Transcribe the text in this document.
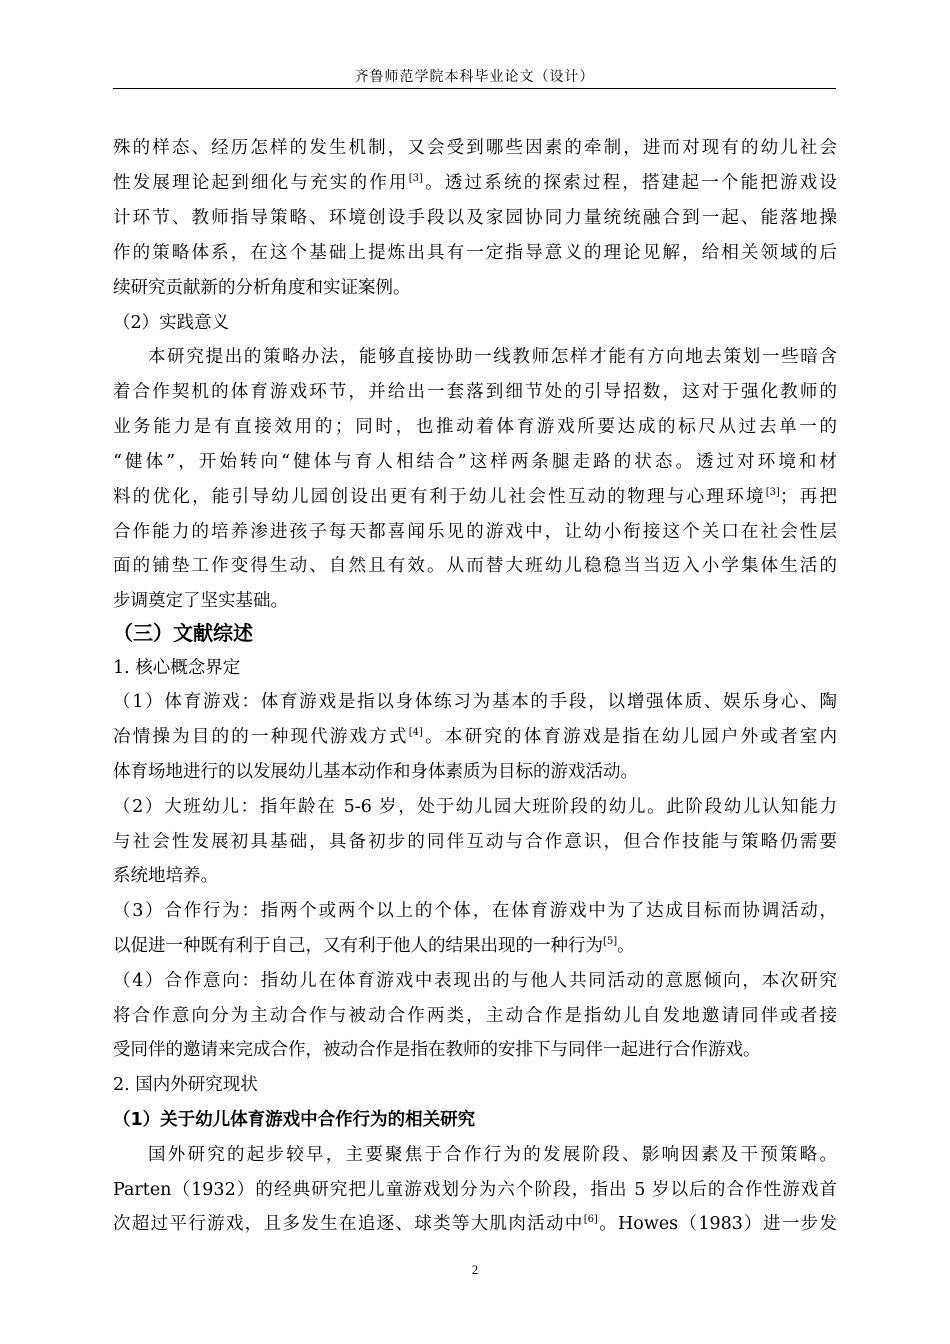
齐鲁师范学院本科毕业论文（设计）
殊的样态、经历怎样的发生机制，又会受到哪些因素的牵制，进而对现有的幼儿社会
性发展理论起到细化与充实的作用[3]。透过系统的探索过程，搭建起一个能把游戏设
计环节、教师指导策略、环境创设手段以及家园协同力量统统融合到一起、能落地操
作的策略体系，在这个基础上提炼出具有一定指导意义的理论见解，给相关领域的后
续研究贡献新的分析角度和实证案例。
（2）实践意义
本研究提出的策略办法，能够直接协助一线教师怎样才能有方向地去策划一些暗含
着合作契机的体育游戏环节，并给出一套落到细节处的引导招数，这对于强化教师的
业务能力是有直接效用的；同时，也推动着体育游戏所要达成的标尺从过去单一的
“健体”，开始转向“健体与育人相结合”这样两条腿走路的状态。透过对环境和材
料的优化，能引导幼儿园创设出更有利于幼儿社会性互动的物理与心理环境[3]；再把
合作能力的培养渗进孩子每天都喜闻乐见的游戏中，让幼小衔接这个关口在社会性层
面的铺垫工作变得生动、自然且有效。从而替大班幼儿稳稳当当迈入小学集体生活的
步调奠定了坚实基础。
（三）文献综述
1. 核心概念界定
（1）体育游戏：体育游戏是指以身体练习为基本的手段，以增强体质、娱乐身心、陶
冶情操为目的的一种现代游戏方式[4]。本研究的体育游戏是指在幼儿园户外或者室内
体育场地进行的以发展幼儿基本动作和身体素质为目标的游戏活动。
（2）大班幼儿：指年龄在 5-6 岁，处于幼儿园大班阶段的幼儿。此阶段幼儿认知能力
与社会性发展初具基础，具备初步的同伴互动与合作意识，但合作技能与策略仍需要
系统地培养。
（3）合作行为：指两个或两个以上的个体，在体育游戏中为了达成目标而协调活动，
以促进一种既有利于自己，又有利于他人的结果出现的一种行为[5]。
（4）合作意向：指幼儿在体育游戏中表现出的与他人共同活动的意愿倾向，本次研究
将合作意向分为主动合作与被动合作两类，主动合作是指幼儿自发地邀请同伴或者接
受同伴的邀请来完成合作，被动合作是指在教师的安排下与同伴一起进行合作游戏。
2. 国内外研究现状
（1）关于幼儿体育游戏中合作行为的相关研究
国外研究的起步较早，主要聚焦于合作行为的发展阶段、影响因素及干预策略。
Parten（1932）的经典研究把儿童游戏划分为六个阶段，指出 5 岁以后的合作性游戏首
次超过平行游戏，且多发生在追逐、球类等大肌肉活动中[6]。Howes（1983）进一步发
2
